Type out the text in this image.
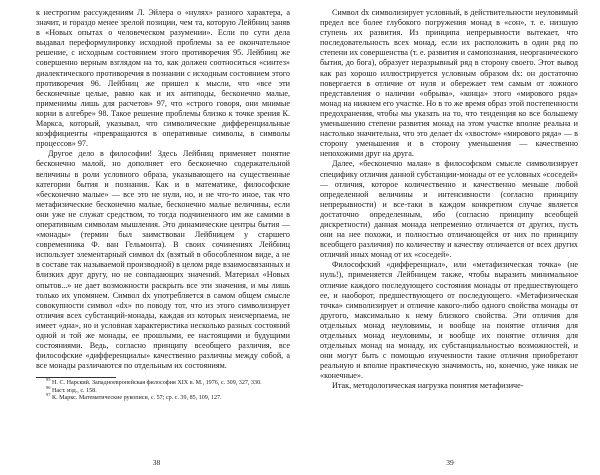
к нестрогим рассуждениям Л. Эйлера о «нулях» разного характера, а значит, и гораздо менее зрелой позиции, чем та, которую Лейбниц заняв в «Новых опытах о человеческом разумении». Если по сути дела выдавал переформулировку исходной проблемы за ее окончательное решение, с исходным состоянием этого противоречия 95. Лейбниц же совершенно верным взглядом на то, как должен соотноситься «синтез» диалектического противоречия в познании с исходным состоянием этого противоречия 96. Лейбниц же пришел к мысли, что «все эти бесконечные целые, равно как и их антиподы, бесконечно малые, применимы лишь для расчетов» 97, что «строго говоря, они мнимые корни в алгебре» 98. Такое решение проблемы близко к точке зрения К. Маркса, который, указывал, что символические дифференциальные коэффициенты «превращаются в оперативные символы, в символы процессов» 97.

Другое дело в философии! Здесь Лейбниц применяет понятие бесконечно малой, но дополняет его бесконечно содержательной величины в роли условного образа, указывающего на существенные категории бытия и познания. Как и в математике, философские «бесконечно малые» — все это не нули, но, и не что-то иное, так что метафизические бесконечно малые, бесконечно малые величины, если они уже не служат средством, то тогда подчиненного им же самими в оперативным символам мышления. Это динамические центры бытия — «монады» (термин был заимствован Лейбницем у старшего современника Ф. ван Гельмонта). В своих сочинениях Лейбниц использует элементарный символ dx (взятый в обособленном виде, а не в составе так называемой производной) в целом ряде взаимосвязанных и близких друг другу, но не совпадающих значений. Материал «Новых опытов...» не дает возможности раскрыть все эти значения, и мы лишь только их упомянем. Символ dx употребляется в самом общем смысле совокупности символ «dx» по поводу тот, что из этого символизирует отличия всех субстанций-монады, каждая из которых неисчерпаема, не имеет «дна», но и условная характеристика несколько разных состояний одной и той же монады, ее прошлыми, ее настоящими и будущими состояниями. Ведь, согласно принципу всеобщего различия, все философские «дифференциалы» качественно различны между собой, а все монады различаются по отдельным их состояниям.

$^{95}$ Н. С. Нарский. Западноевропейская философия XIX в. М., 1976, с. 309, 327, 330.

$^{96}$ Наст. изд., с. 158.

$^{97}$ К. Маркс. Математические рукописи, с. 57; ср. с. 39, 85, 109, 127.

38

Символ dx символизирует условный, в действительности неуловимый предел все более глубокого погружения монад в «сон», т. е. низшую ступень их развития. Из принципа непрерывности вытекает, что последовательность всех монад, если их расположить в один ряд по степени их совершенства (т. е. развития и самопознания, неорганического бытия, до бога), образует неразрывный ряд в сторону своего. Этот вывод как раз хорошо иллюстрируется условным образом dx: он достаточно повергается в отличие от нуля и обережает тем самым от ложного представления о наличии «обрыва», «конца» этого «мирового ряда» монад на нижнем его участке. Но в то же время образ этой постепенности предохранения, чтобы мы указать на то, что тенденция ко все большему уменьшению степени развития монад на этом участке вполне реальна и настолько значительна, что это делает dx «хвостом» «мирового ряда» — в сторону уменьшения и в сторону уменьшения — качественно непохожими друг на друга.

Далее, «бесконечно малая» в философском смысле символизирует специфику отличия данной субстанции-монады от ее условных «соседей» — отличия, которое количественно и качественно меньше любой определенной величины и интенсивности (согласно принципу непрерывности) и все-таки в каждом конкретном случае является достаточно определенным, ибо (согласно принципу всеобщей дискретности) данная монада непременно отличается от других, пусть они на нее похожи, и полностью отличающейся от них по принципу всеобщего различия) по количеству и качеству отличается от всех других отличий иных монад от их «соседей».

Философский «дифференциал», или «метафизическая точка» (не нуль!), применяется Лейбницем также, чтобы выразить минимальное отличие каждого последующего состояния монады от предшествующего ее, и наоборот, предшествующего от последующего. «Метафизическая точка» символизирует и отличие какого-либо одного свойства монады от другого, максимально к нему близкого свойства. Эти отличия для отдельных монад неуловимы, и вообще на понятие отличия для отдельных монад неуловимы, и вообще их понятие отличия для отдельных монад на монаду, их субстанциальностью возможностей, и они могут быть с помощью изученности такие отличия приобретают реальную и вполне практическую значимость, но, конечно, уже никак не «конечные».

Итак, методологическая нагрузка понятия метафизиче-

39
